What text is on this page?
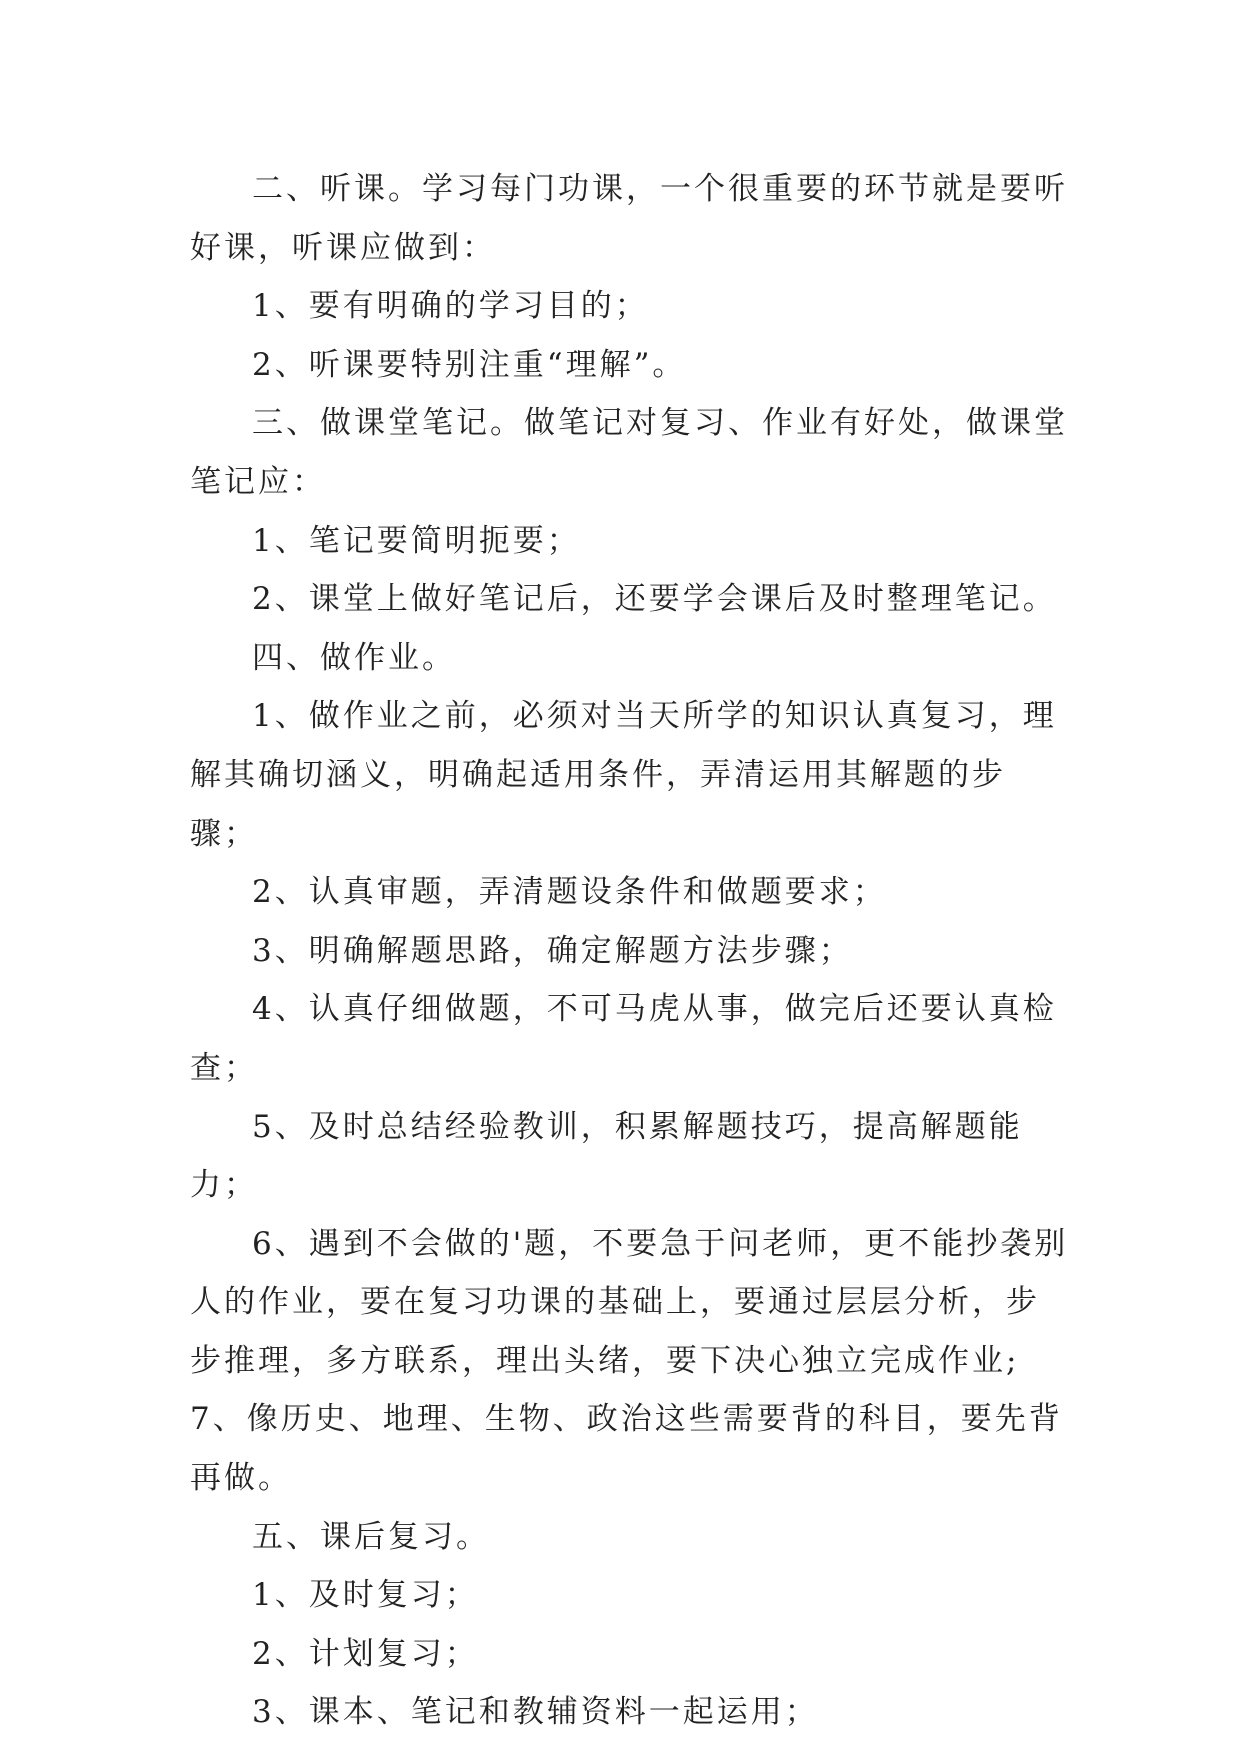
二、听课。学习每门功课，一个很重要的环节就是要听好课，听课应做到：

1、要有明确的学习目的；

2、听课要特别注重“理解”。

三、做课堂笔记。做笔记对复习、作业有好处，做课堂笔记应：

1、笔记要简明扼要；

2、课堂上做好笔记后，还要学会课后及时整理笔记。

四、做作业。

1、做作业之前，必须对当天所学的知识认真复习，理解其确切涵义，明确起适用条件，弄清运用其解题的步骤；

2、认真审题，弄清题设条件和做题要求；

3、明确解题思路，确定解题方法步骤；

4、认真仔细做题，不可马虎从事，做完后还要认真检查；

5、及时总结经验教训，积累解题技巧，提高解题能力；

6、遇到不会做的'题，不要急于问老师，更不能抄袭别人的作业，要在复习功课的基础上，要通过层层分析，步步推理，多方联系，理出头绪，要下决心独立完成作业;7、像历史、地理、生物、政治这些需要背的科目，要先背再做。

五、课后复习。

1、及时复习；

2、计划复习；

3、课本、笔记和教辅资料一起运用；
